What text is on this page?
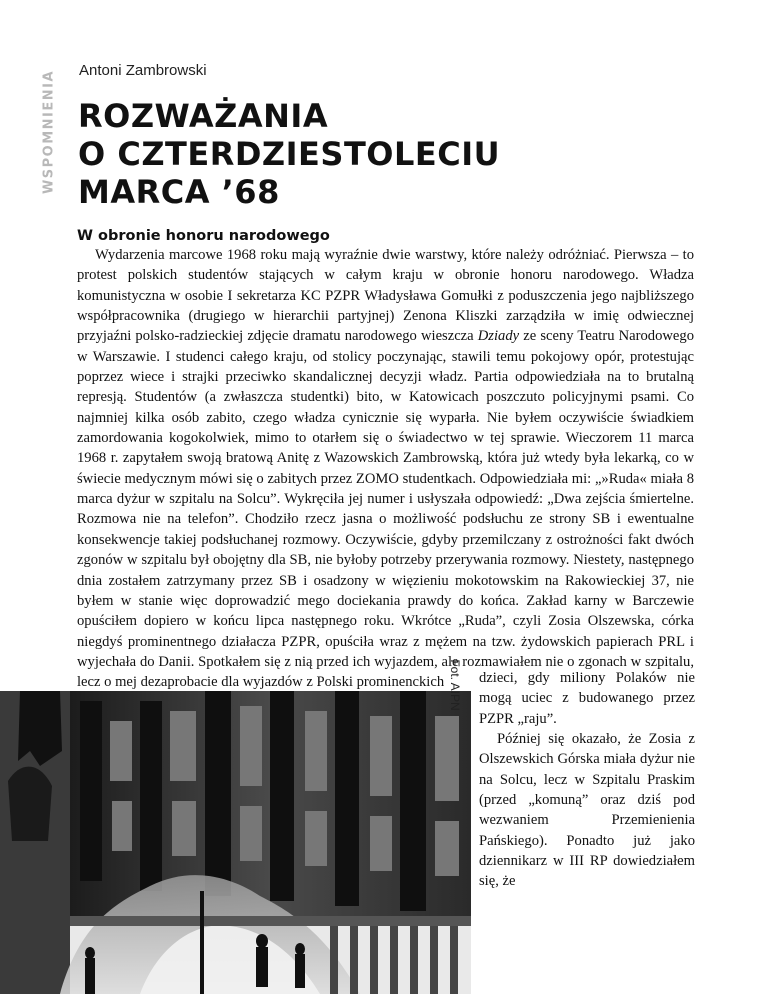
WSPOMNIENIA Antoni Zambrowski
ROZWAŻANIA
O CZTERDZIESTOLECIU
MARCA ’68
W obronie honoru narodowego

Wydarzenia marcowe 1968 roku mają wyraźnie dwie warstwy, które należy odróżniać. Pierwsza – to protest polskich studentów stających w całym kraju w obronie honoru narodowego. Władza komunistyczna w osobie I sekretarza KC PZPR Władysława Gomułki z poduszczenia jego najbliższego współpracownika (drugiego w hierarchii partyjnej) Zenona Kliszki zarządziła w imię odwiecznej przyjaźni polsko-radzieckiej zdjęcie dramatu narodowego wieszcza Dziady ze sceny Teatru Narodowego w Warszawie. I studenci całego kraju, od stolicy poczynając, stawili temu pokojowy opór, protestując poprzez wiece i strajki przeciwko skandalicznej decyzji władz. Partia odpowiedziała na to brutalną represją. Studentów (a zwłaszcza studentki) bito, w Katowicach poszczuto policyjnymi psami. Co najmniej kilka osób zabito, czego władza cynicznie się wyparła. Nie byłem oczywiście świadkiem zamordowania kogokolwiek, mimo to otarłem się o świadectwo w tej sprawie. Wieczorem 11 marca 1968 r. zapytałem swoją bratową Anitę z Wazowskich Zambrowską, która już wtedy była lekarką, co w świecie medycznym mówi się o zabitych przez ZOMO studentkach. Odpowiedziała mi: „»Ruda« miała 8 marca dyżur w szpitalu na Solcu”. Wykręciła jej numer i usłyszała odpowiedź: „Dwa zejścia śmiertelne. Rozmowa nie na telefon”. Chodziło rzecz jasna o możliwość podsłuchu ze strony SB i ewentualne konsekwencje takiej podsłuchanej rozmowy. Oczywiście, gdyby przemilczany z ostrożności fakt dwóch zgonów w szpitalu był obojętny dla SB, nie byłoby potrzeby przerywania rozmowy. Niestety, następnego dnia zostałem zatrzymany przez SB i osadzony w więzieniu mokotowskim na Rakowieckiej 37, nie byłem w stanie więc doprowadzić mego dociekania prawdy do końca. Zakład karny w Barczewie opuściłem dopiero w końcu lipca następnego roku. Wkrótce „Ruda”, czyli Zosia Olszewska, córka niegdyś prominentnego działacza PZPR, opuściła wraz z mężem na tzw. żydowskich papierach PRL i wyjechała do Danii. Spotkałem się z nią przed ich wyjazdem, ale rozmawiałem nie o zgonach w szpitalu, lecz o mej dezaprobacie dla wyjazdów z Polski prominenckich Fot. AIPN dzieci, gdy miliony Polaków nie mogą uciec z budowanego przez PZPR „raju”.

Później się okazało, że Zosia z Olszewskich Górska miała dyżur nie na Solcu, lecz w Szpitalu Praskim (przed „komuną” oraz dziś pod wezwaniem Przemienienia Pańskiego). Ponadto już jako dziennikarz w III RP dowiedziałem się, że
